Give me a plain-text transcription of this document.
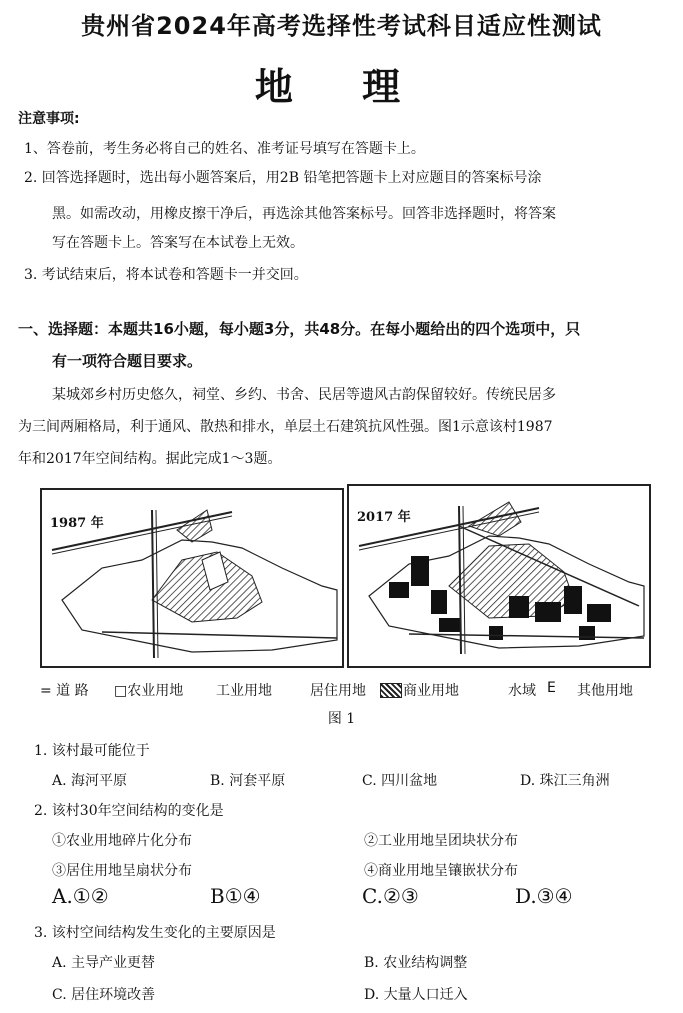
贵州省2024年高考选择性考试科目适应性测试
地 理
注意事项:
1、答卷前，考生务必将自己的姓名、准考证号填写在答题卡上。
2. 回答选择题时，选出每小题答案后，用2B 铅笔把答题卡上对应题目的答案标号涂
黑。如需改动，用橡皮擦干净后，再选涂其他答案标号。回答非选择题时，将答案
写在答题卡上。答案写在本试卷上无效。
3. 考试结束后，将本试卷和答题卡一并交回。
一、选择题：本题共16小题，每小题3分，共48分。在每小题给出的四个选项中，只
有一项符合题目要求。
某城郊乡村历史悠久，祠堂、乡约、书舍、民居等遗风古韵保留较好。传统民居多
为三间两厢格局，利于通风、散热和排水，单层土石建筑抗风性强。图1示意该村1987
年和2017年空间结构。据此完成1～3题。
1987 年	2017 年
= 道 路 □农业用地 工业用地	居住用地	商业用地	水域 E 其他用地
图 1
1. 该村最可能位于
A. 海河平原	B. 河套平原	C. 四川盆地	D. 珠江三角洲
2. 该村30年空间结构的变化是
①农业用地碎片化分布	②工业用地呈团块状分布
③居住用地呈扇状分布	④商业用地呈镶嵌状分布
A.①②	B①④	C.②③	D.③④
3. 该村空间结构发生变化的主要原因是
A. 主导产业更替	B. 农业结构调整
C. 居住环境改善	D. 大量人口迁入
